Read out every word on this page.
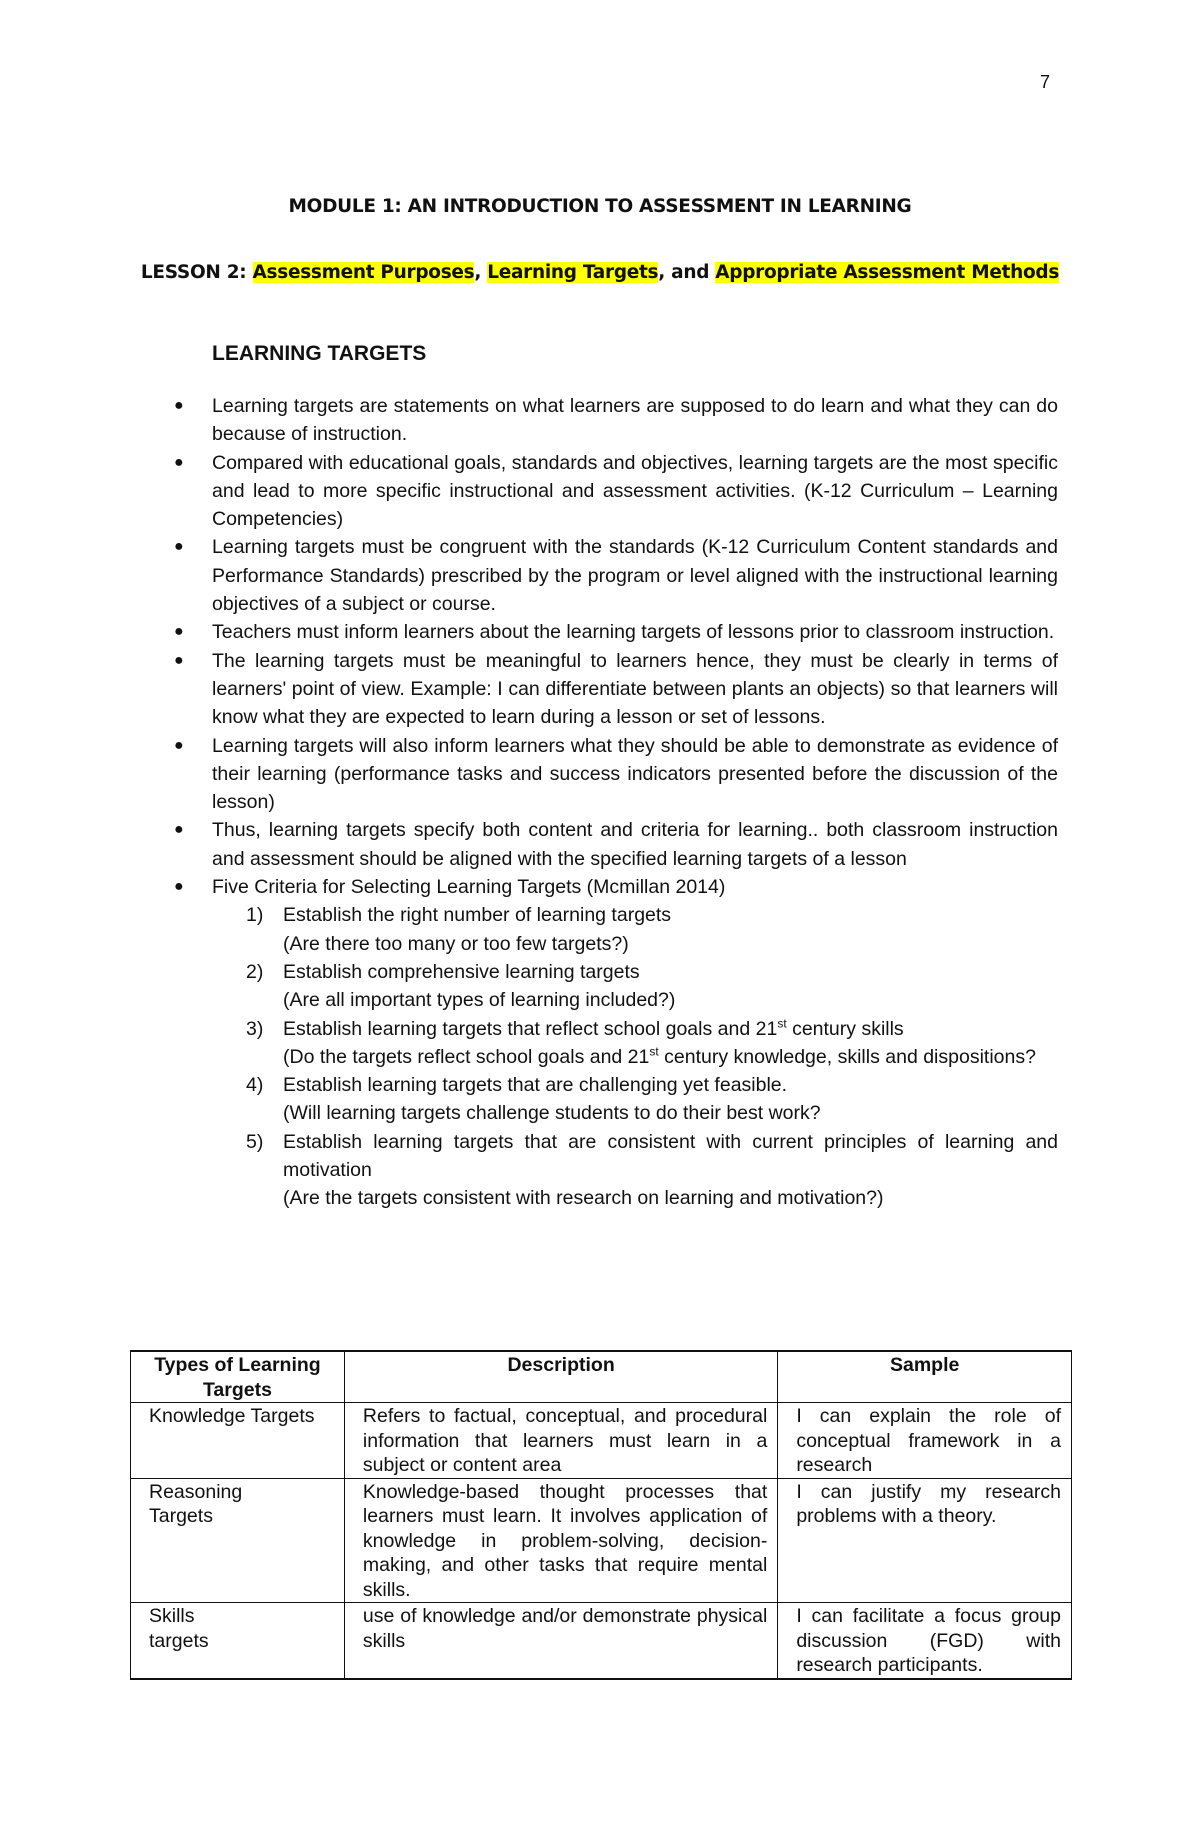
7
MODULE 1: AN INTRODUCTION TO ASSESSMENT IN LEARNING
LESSON 2: Assessment Purposes, Learning Targets, and Appropriate Assessment Methods
LEARNING TARGETS
● Learning targets are statements on what learners are supposed to do learn and what they can do because of instruction.
● Compared with educational goals, standards and objectives, learning targets are the most specific and lead to more specific instructional and assessment activities. (K-12 Curriculum – Learning Competencies)
● Learning targets must be congruent with the standards (K-12 Curriculum Content standards and Performance Standards) prescribed by the program or level aligned with the instructional learning objectives of a subject or course.
● Teachers must inform learners about the learning targets of lessons prior to classroom instruction.
● The learning targets must be meaningful to learners hence, they must be clearly in terms of learners' point of view. Example: I can differentiate between plants an objects) so that learners will know what they are expected to learn during a lesson or set of lessons.
● Learning targets will also inform learners what they should be able to demonstrate as evidence of their learning (performance tasks and success indicators presented before the discussion of the lesson)
● Thus, learning targets specify both content and criteria for learning.. both classroom instruction and assessment should be aligned with the specified learning targets of a lesson
● Five Criteria for Selecting Learning Targets (Mcmillan 2014)
1) Establish the right number of learning targets
(Are there too many or too few targets?)
2) Establish comprehensive learning targets
(Are all important types of learning included?)
3) Establish learning targets that reflect school goals and 21st century skills
(Do the targets reflect school goals and 21st century knowledge, skills and dispositions?
4) Establish learning targets that are challenging yet feasible.
(Will learning targets challenge students to do their best work?
5) Establish learning targets that are consistent with current principles of learning and motivation
(Are the targets consistent with research on learning and motivation?)
Types of Learning Targets	Description	Sample
Knowledge Targets	Refers to factual, conceptual, and procedural information that learners must learn in a subject or content area	I can explain the role of conceptual framework in a research
Reasoning Targets	Knowledge-based thought processes that learners must learn. It involves application of knowledge in problem-solving, decision-making, and other tasks that require mental skills.	I can justify my research problems with a theory.
Skills targets	use of knowledge and/or demonstrate physical skills	I can facilitate a focus group discussion (FGD) with research participants.
